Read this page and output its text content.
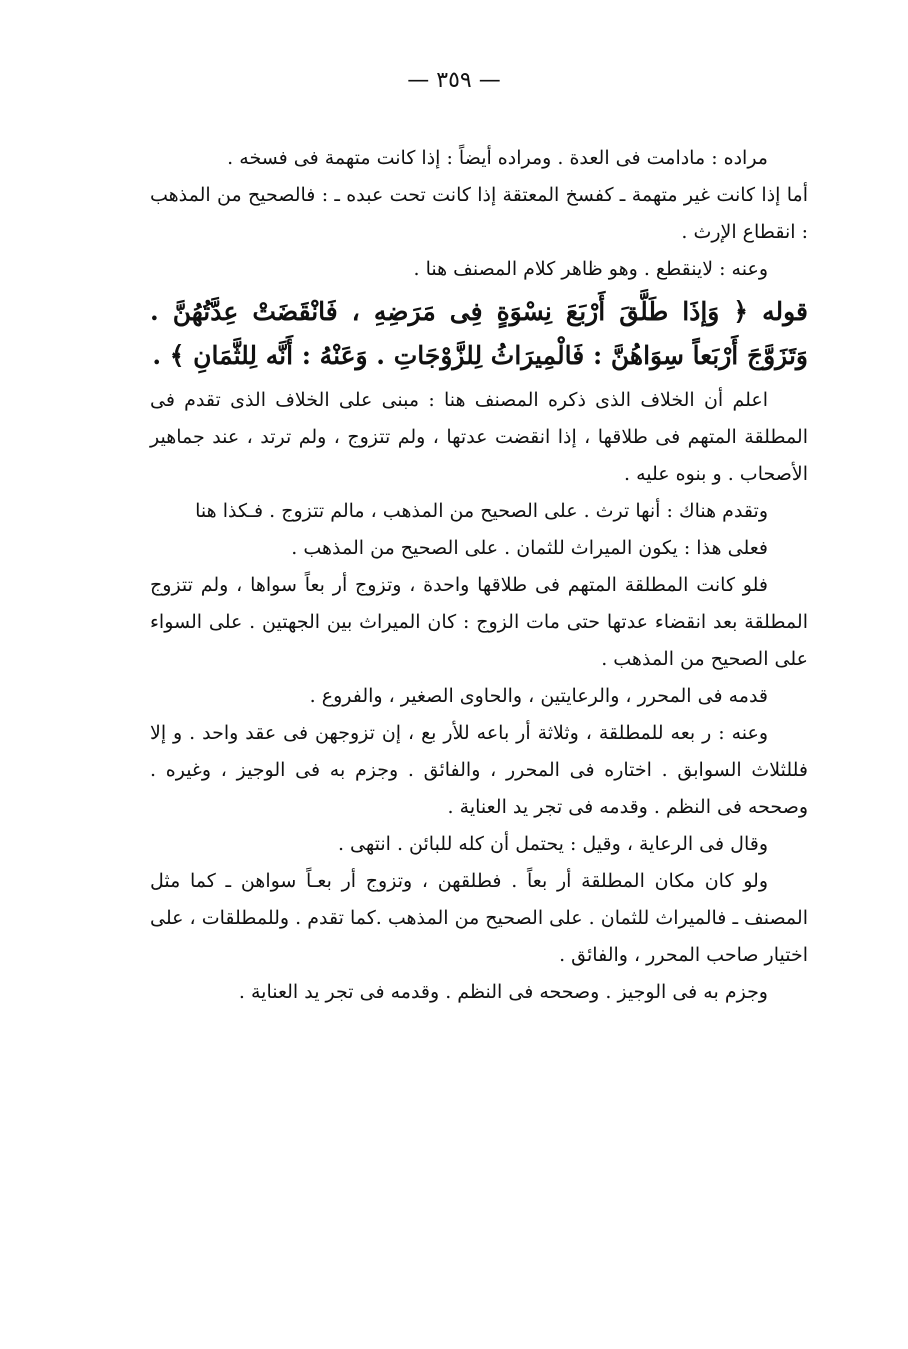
— ٣٥٩ —

مراده : مادامت فى العدة . ومراده أيضاً : إذا كانت متهمة فى فسخه .

أما إذا كانت غير متهمة ـ كفسخ المعتقة إذا كانت تحت عبده ـ : فالصحيح من المذهب : انقطاع الإرث .

وعنه : لاينقطع . وهو ظاهر كلام المصنف هنا .

قوله ﴿ وَإذَا طَلَّقَ أَرْبَعَ نِسْوَةٍ فِى مَرَضِهِ ، فَانْقَضَتْ عِدَّتُهُنَّ . وَتَزَوَّجَ أَرْبَعاً سِوَاهُنَّ : فَالْمِيرَاثُ لِلزَّوْجَاتِ . وَعَنْهُ : أَنَّه لِلثَّمَانِ ﴾ .

اعلم أن الخلاف الذى ذكره المصنف هنا : مبنى على الخلاف الذى تقدم فى المطلقة المتهم فى طلاقها ، إذا انقضت عدتها ، ولم تتزوج ، ولم ترتد ، عند جماهير الأصحاب . و بنوه عليه .

وتقدم هناك : أنها ترث . على الصحيح من المذهب ، مالم تتزوج . فـكذا هنا

فعلى هذا : يكون الميراث للثمان . على الصحيح من المذهب .

فلو كانت المطلقة المتهم فى طلاقها واحدة ، وتزوج أر بعاً سواها ، ولم تتزوج المطلقة بعد انقضاء عدتها حتى مات الزوج : كان الميراث بين الجهتين . على السواء على الصحيح من المذهب .

قدمه فى المحرر ، والرعايتين ، والحاوى الصغير ، والفروع .

وعنه : ر بعه للمطلقة ، وثلاثة أر باعه للأر بع ، إن تزوجهن فى عقد واحد . و إلا فللثلاث السوابق . اختاره فى المحرر ، والفائق . وجزم به فى الوجيز ، وغيره . وصححه فى النظم . وقدمه فى تجر يد العناية .

وقال فى الرعاية ، وقيل : يحتمل أن كله للبائن . انتهى .

ولو كان مكان المطلقة أر بعاً . فطلقهن ، وتزوج أر بعـاً سواهن ـ كما مثل المصنف ـ فالميراث للثمان . على الصحيح من المذهب .كما تقدم . وللمطلقات ، على اختيار صاحب المحرر ، والفائق .

وجزم به فى الوجيز . وصححه فى النظم . وقدمه فى تجر يد العناية .
